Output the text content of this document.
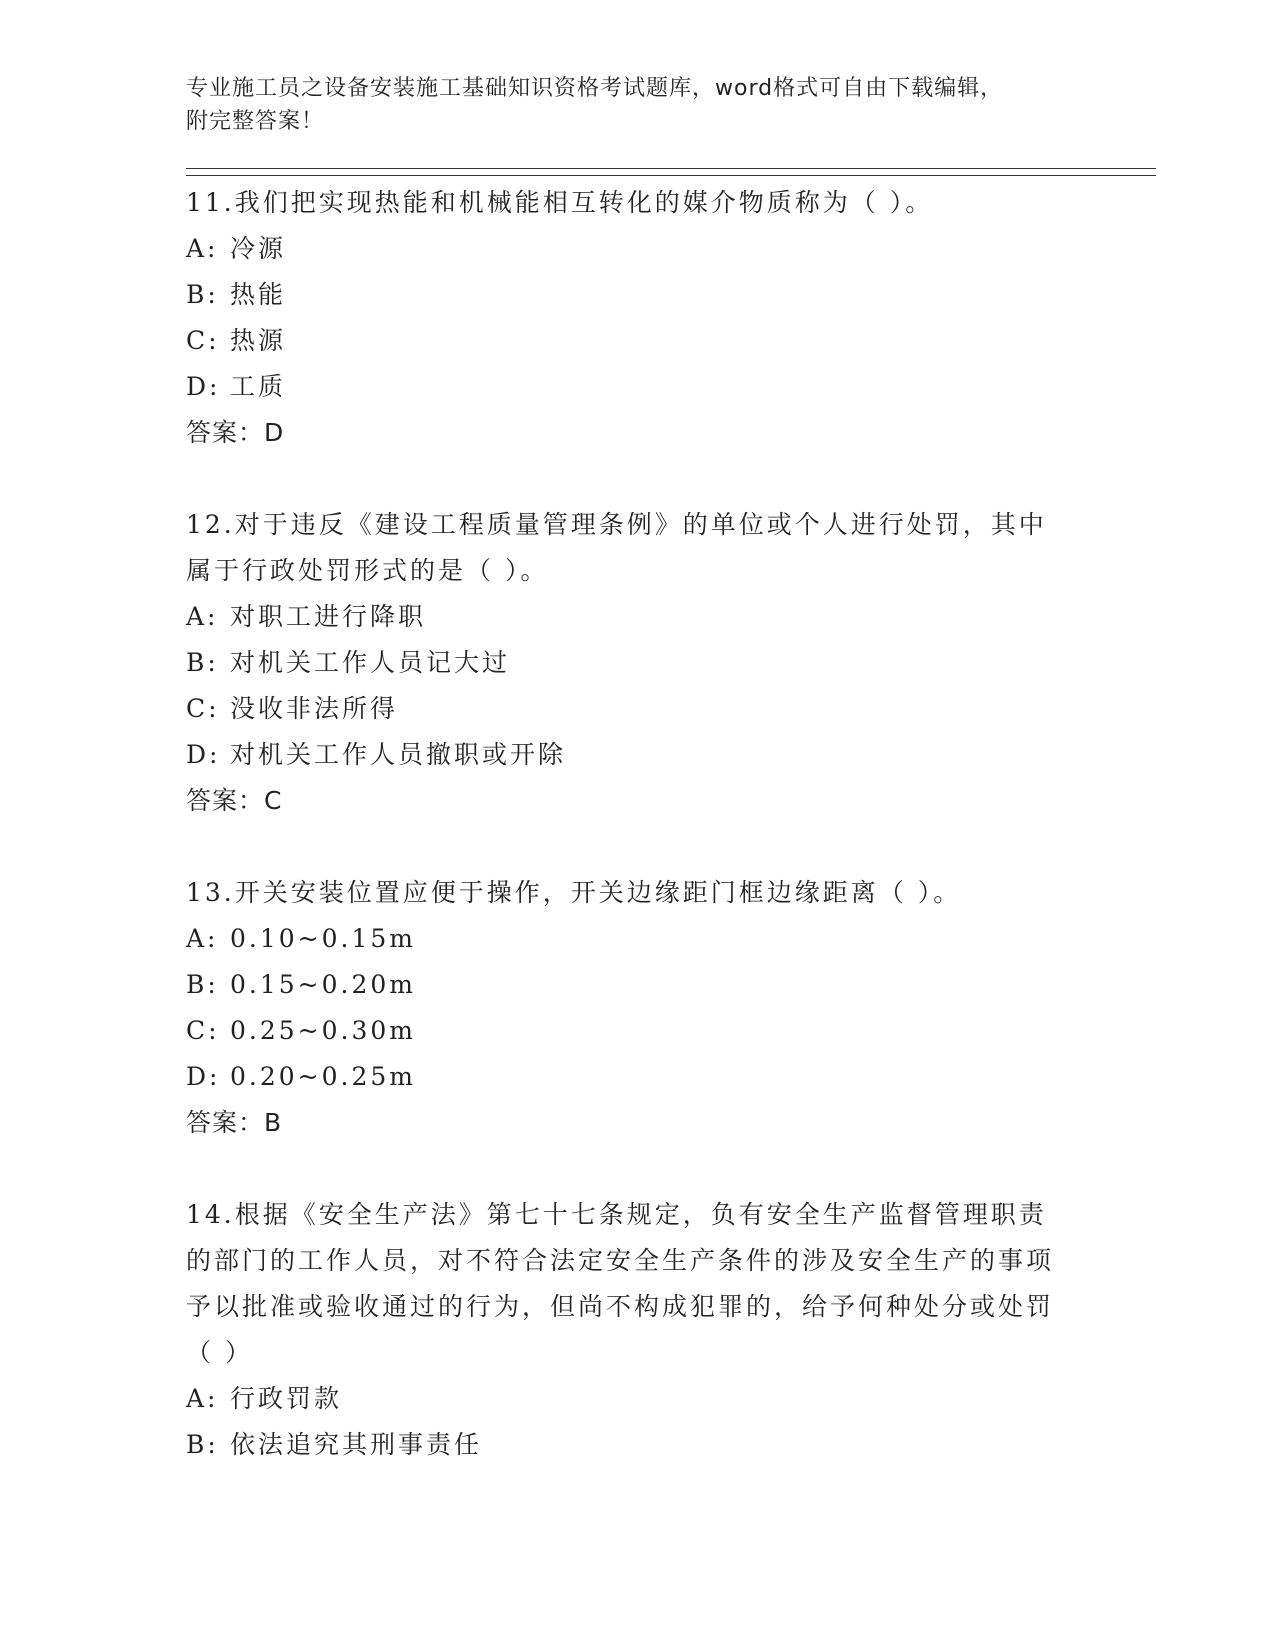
专业施工员之设备安装施工基础知识资格考试题库，word格式可自由下载编辑，
附完整答案！
11.我们把实现热能和机械能相互转化的媒介物质称为（ ）。
A: 冷源
B: 热能
C: 热源
D: 工质
答案：D
12.对于违反《建设工程质量管理条例》的单位或个人进行处罚，其中属于行政处罚形式的是（ ）。
A: 对职工进行降职
B: 对机关工作人员记大过
C: 没收非法所得
D: 对机关工作人员撤职或开除
答案：C
13.开关安装位置应便于操作，开关边缘距门框边缘距离（ ）。
A: 0.10~0.15m
B: 0.15~0.20m
C: 0.25~0.30m
D: 0.20~0.25m
答案：B
14.根据《安全生产法》第七十七条规定，负有安全生产监督管理职责的部门的工作人员，对不符合法定安全生产条件的涉及安全生产的事项予以批准或验收通过的行为，但尚不构成犯罪的，给予何种处分或处罚（ ）
A: 行政罚款
B: 依法追究其刑事责任
